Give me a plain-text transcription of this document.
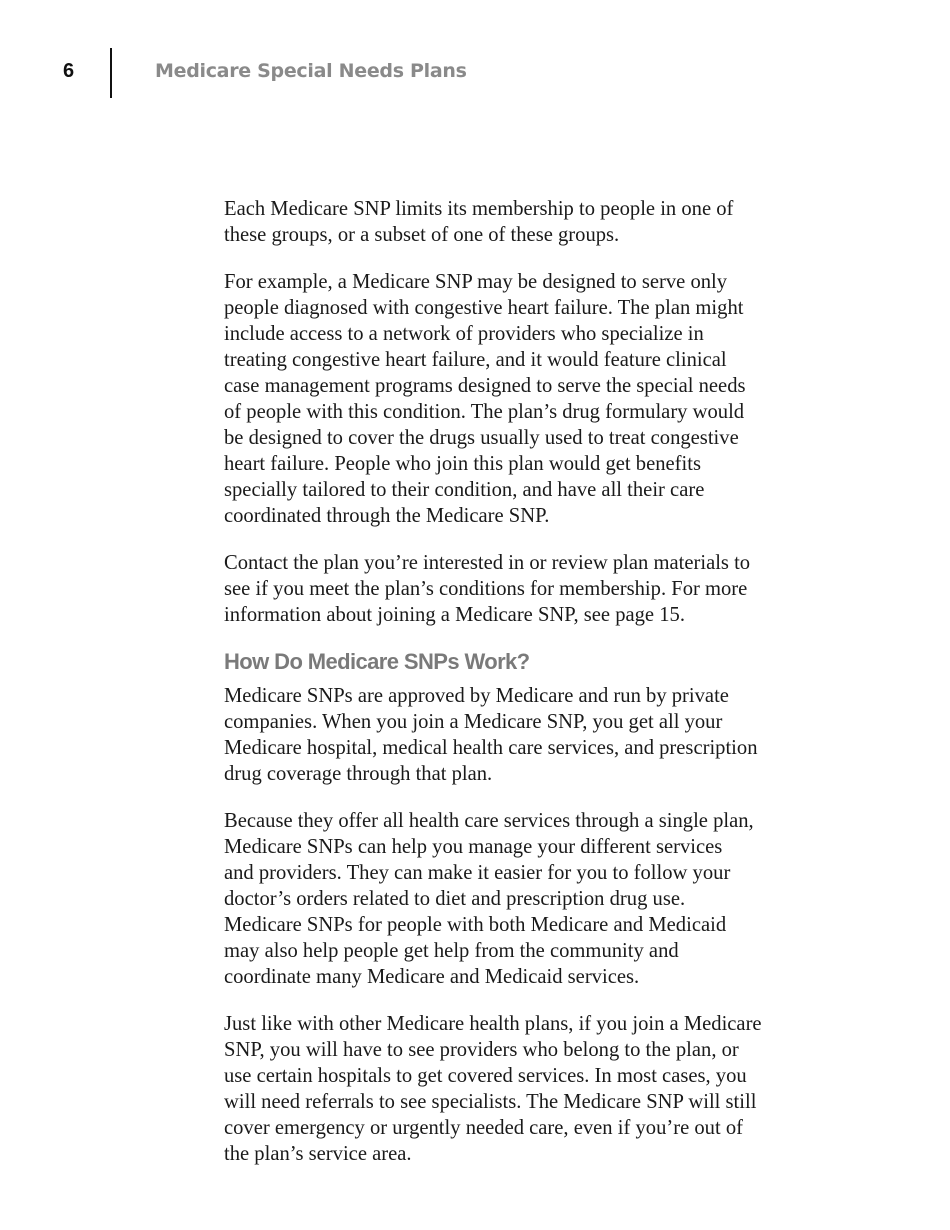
6	Medicare Special Needs Plans

Each Medicare SNP limits its membership to people in one of
these groups, or a subset of one of these groups.

For example, a Medicare SNP may be designed to serve only
people diagnosed with congestive heart failure. The plan might
include access to a network of providers who specialize in
treating congestive heart failure, and it would feature clinical
case management programs designed to serve the special needs
of people with this condition. The plan’s drug formulary would
be designed to cover the drugs usually used to treat congestive
heart failure. People who join this plan would get benefits
specially tailored to their condition, and have all their care
coordinated through the Medicare SNP.

Contact the plan you’re interested in or review plan materials to
see if you meet the plan’s conditions for membership. For more
information about joining a Medicare SNP, see page 15.

How Do Medicare SNPs Work?

Medicare SNPs are approved by Medicare and run by private
companies. When you join a Medicare SNP, you get all your
Medicare hospital, medical health care services, and prescription
drug coverage through that plan.

Because they offer all health care services through a single plan,
Medicare SNPs can help you manage your different services
and providers. They can make it easier for you to follow your
doctor’s orders related to diet and prescription drug use.
Medicare SNPs for people with both Medicare and Medicaid
may also help people get help from the community and
coordinate many Medicare and Medicaid services.

Just like with other Medicare health plans, if you join a Medicare
SNP, you will have to see providers who belong to the plan, or
use certain hospitals to get covered services. In most cases, you
will need referrals to see specialists. The Medicare SNP will still
cover emergency or urgently needed care, even if you’re out of
the plan’s service area.
